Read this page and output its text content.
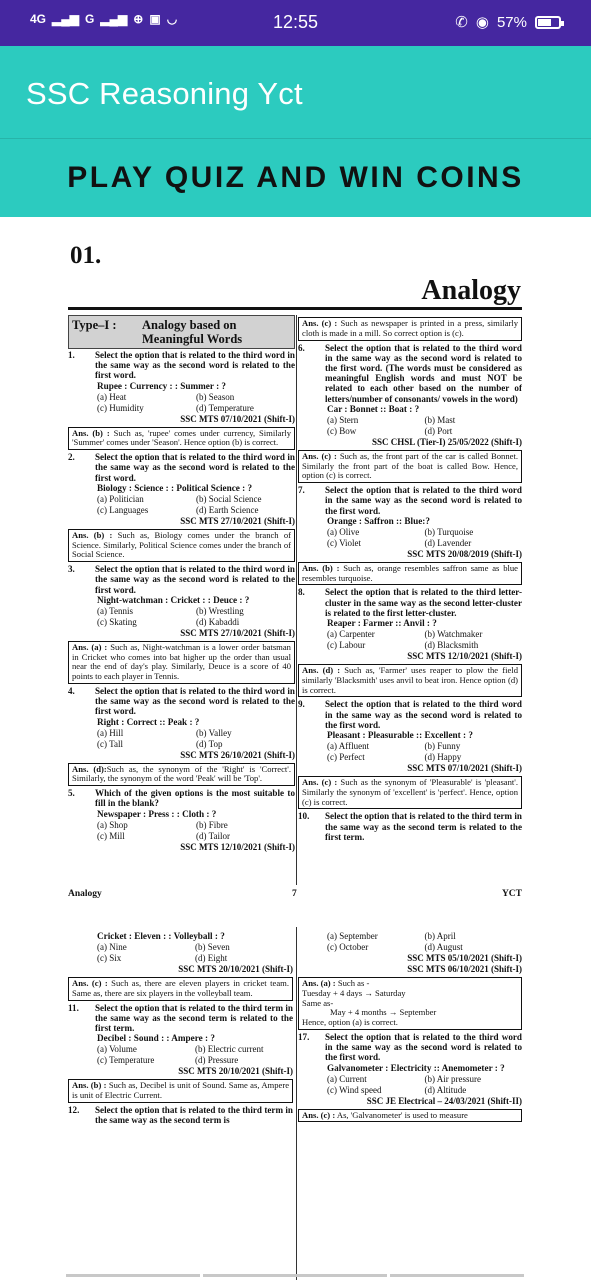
4G ▂▄▆ G ▂▄▆ ⊕ ▣ ◡	12:55	✆ ◉ 57%
SSC Reasoning Yct
PLAY QUIZ AND WIN COINS
01.
Analogy
Type–I :	Analogy based on Meaningful Words
1.	Select the option that is related to the third word in the same way as the second word is related to the first word.
Rupee : Currency : : Summer : ?
(a) Heat	(b) Season
(c) Humidity	(d) Temperature
SSC MTS 07/10/2021 (Shift-I)
Ans. (b) : Such as, 'rupee' comes under currency, Similarly 'Summer' comes under 'Season'. Hence option (b) is correct.
2.	Select the option that is related to the third word in the same way as the second word is related to the first word.
Biology : Science : : Political Science : ?
(a) Politician	(b) Social Science
(c) Languages	(d) Earth Science
SSC MTS 27/10/2021 (Shift-I)
Ans. (b) : Such as, Biology comes under the branch of Science. Similarly, Political Science comes under the branch of Social Science.
3.	Select the option that is related to the third word in the same way as the second word is related to the first word.
Night-watchman : Cricket : : Deuce : ?
(a) Tennis	(b) Wrestling
(c) Skating	(d) Kabaddi
SSC MTS 27/10/2021 (Shift-I)
Ans. (a) : Such as, Night-watchman is a lower order batsman in Cricket who comes into bat higher up the order than usual near the end of day's play. Similarly, Deuce is a score of 40 points to each player in Tennis.
4.	Select the option that is related to the third word in the same way as the second word is related to the first word.
Right : Correct :: Peak : ?
(a) Hill	(b) Valley
(c) Tall	(d) Top
SSC MTS 26/10/2021 (Shift-I)
Ans. (d):Such as, the synonym of the 'Right' is 'Correct'. Similarly, the synonym of the word 'Peak' will be 'Top'.
5.	Which of the given options is the most suitable to fill in the blank?
Newspaper : Press : : Cloth : ?
(a) Shop	(b) Fibre
(c) Mill	(d) Tailor
SSC MTS 12/10/2021 (Shift-I)
Ans. (c) : Such as newspaper is printed in a press, similarly cloth is made in a mill. So correct option is (c).
6.	Select the option that is related to the third word in the same way as the second word is related to the first word. (The words must be considered as meaningful English words and must NOT be related to each other based on the number of letters/number of consonants/ vowels in the word)
Car : Bonnet :: Boat : ?
(a) Stern	(b) Mast
(c) Bow	(d) Port
SSC CHSL (Tier-I) 25/05/2022 (Shift-I)
Ans. (c) : Such as, the front part of the car is called Bonnet. Similarly the front part of the boat is called Bow. Hence, option (c) is correct.
7.	Select the option that is related to the third word in the same way as the second word is related to the first word.
Orange : Saffron :: Blue:?
(a) Olive	(b) Turquoise
(c) Violet	(d) Lavender
SSC MTS 20/08/2019 (Shift-I)
Ans. (b) : Such as, orange resembles saffron same as blue resembles turquoise.
8.	Select the option that is related to the third letter-cluster in the same way as the second letter-cluster is related to the first letter-cluster.
Reaper : Farmer :: Anvil : ?
(a) Carpenter	(b) Watchmaker
(c) Labour	(d) Blacksmith
SSC MTS 12/10/2021 (Shift-I)
Ans. (d) : Such as, 'Farmer' uses reaper to plow the field similarly 'Blacksmith' uses anvil to beat iron. Hence option (d) is correct.
9.	Select the option that is related to the third word in the same way as the second word is related to the first word.
Pleasant : Pleasurable :: Excellent : ?
(a) Affluent	(b) Funny
(c) Perfect	(d) Happy
SSC MTS 07/10/2021 (Shift-I)
Ans. (c) : Such as the synonym of 'Pleasurable' is 'pleasant'. Similarly the synonym of 'excellent' is 'perfect'. Hence, option (c) is correct.
10.	Select the option that is related to the third term in the same way as the second term is related to the first term.
Analogy	7	YCT
Cricket : Eleven : : Volleyball : ?
(a) Nine	(b) Seven
(c) Six	(d) Eight
SSC MTS 20/10/2021 (Shift-I)
Ans. (c) : Such as, there are eleven players in cricket team. Same as, there are six players in the volleyball team.
11.	Select the option that is related to the third term in the same way as the second term is related to the first term.
Decibel : Sound : : Ampere : ?
(a) Volume	(b) Electric current
(c) Temperature	(d) Pressure
SSC MTS 20/10/2021 (Shift-I)
Ans. (b) : Such as, Decibel is unit of Sound. Same as, Ampere is unit of Electric Current.
12.	Select the option that is related to the third term in the same way as the second term is
(a) September	(b) April
(c) October	(d) August
SSC MTS 05/10/2021 (Shift-I)
SSC MTS 06/10/2021 (Shift-I)
Ans. (a) : Such as -
Tuesday + 4 days → Saturday
Same as-
May + 4 months → September
Hence, option (a) is correct.
17.	Select the option that is related to the third word in the same way as the second word is related to the first word.
Galvanometer : Electricity :: Anemometer : ?
(a) Current	(b) Air pressure
(c) Wind speed	(d) Altitude
SSC JE Electrical – 24/03/2021 (Shift-II)
Ans. (c) : As, 'Galvanometer' is used to measure
